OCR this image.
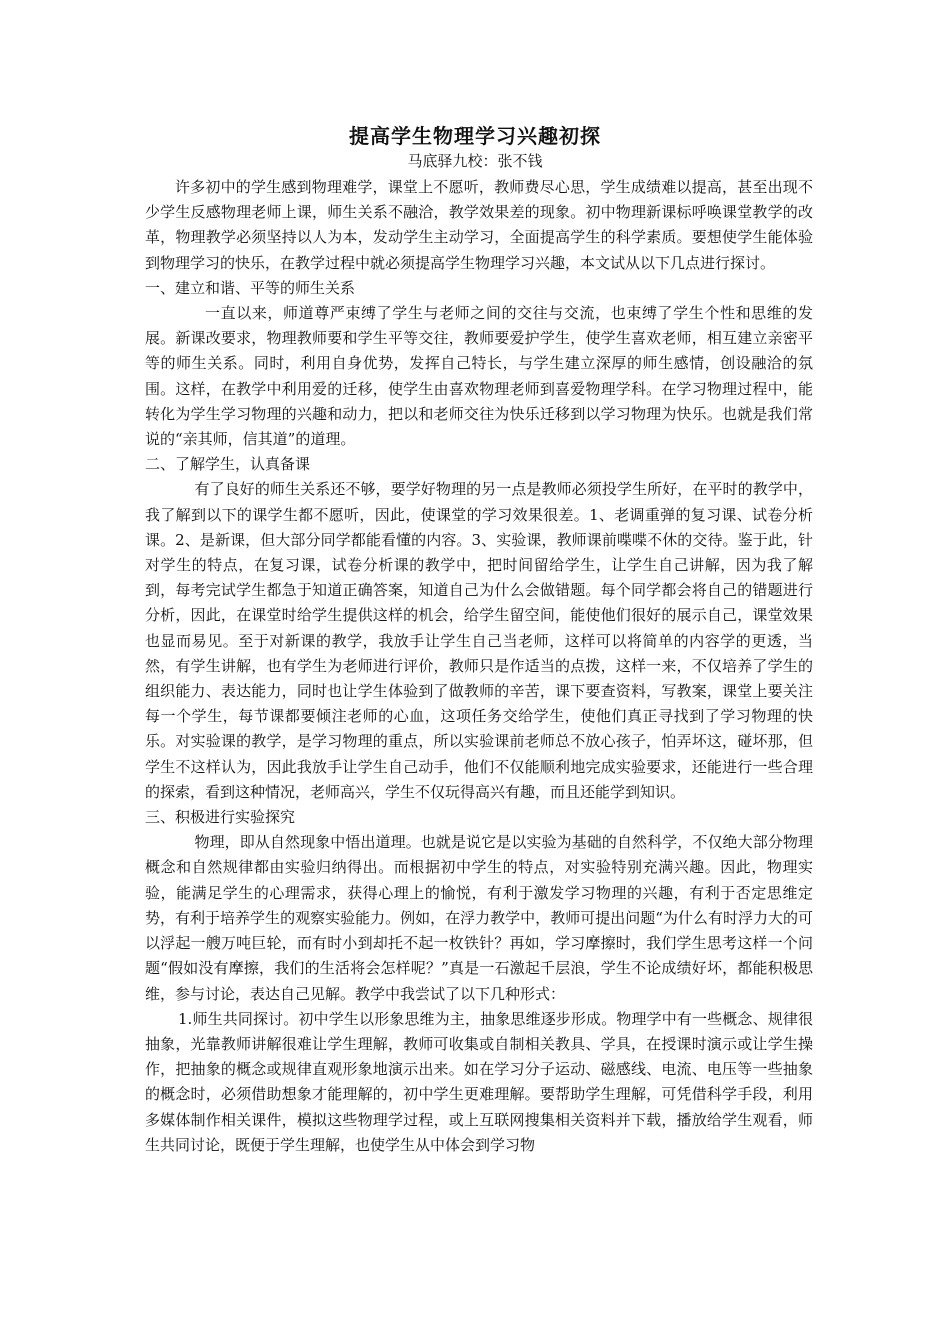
提高学生物理学习兴趣初探
马底驿九校：张不钱

许多初中的学生感到物理难学，课堂上不愿听，教师费尽心思，学生成绩难以提高，甚至出现不少学生反感物理老师上课，师生关系不融洽，教学效果差的现象。初中物理新课标呼唤课堂教学的改革，物理教学必须坚持以人为本，发动学生主动学习，全面提高学生的科学素质。要想使学生能体验到物理学习的快乐，在教学过程中就必须提高学生物理学习兴趣，本文试从以下几点进行探讨。

一、建立和谐、平等的师生关系

一直以来，师道尊严束缚了学生与老师之间的交往与交流，也束缚了学生个性和思维的发展。新课改要求，物理教师要和学生平等交往，教师要爱护学生，使学生喜欢老师，相互建立亲密平等的师生关系。同时，利用自身优势，发挥自己特长，与学生建立深厚的师生感情，创设融洽的氛围。这样，在教学中利用爱的迁移，使学生由喜欢物理老师到喜爱物理学科。在学习物理过程中，能转化为学生学习物理的兴趣和动力，把以和老师交往为快乐迁移到以学习物理为快乐。也就是我们常说的“亲其师，信其道”的道理。

二、了解学生，认真备课

有了良好的师生关系还不够，要学好物理的另一点是教师必须投学生所好，在平时的教学中，我了解到以下的课学生都不愿听，因此，使课堂的学习效果很差。1、老调重弹的复习课、试卷分析课。2、是新课，但大部分同学都能看懂的内容。3、实验课，教师课前喋喋不休的交待。鉴于此，针对学生的特点，在复习课，试卷分析课的教学中，把时间留给学生，让学生自己讲解，因为我了解到，每考完试学生都急于知道正确答案，知道自己为什么会做错题。每个同学都会将自己的错题进行分析，因此，在课堂时给学生提供这样的机会，给学生留空间，能使他们很好的展示自己，课堂效果也显而易见。至于对新课的教学，我放手让学生自己当老师，这样可以将简单的内容学的更透，当然，有学生讲解，也有学生为老师进行评价，教师只是作适当的点拨，这样一来，不仅培养了学生的组织能力、表达能力，同时也让学生体验到了做教师的辛苦，课下要查资料，写教案，课堂上要关注每一个学生，每节课都要倾注老师的心血，这项任务交给学生，使他们真正寻找到了学习物理的快乐。对实验课的教学，是学习物理的重点，所以实验课前老师总不放心孩子，怕弄坏这，碰坏那，但学生不这样认为，因此我放手让学生自己动手，他们不仅能顺利地完成实验要求，还能进行一些合理的探索，看到这种情况，老师高兴，学生不仅玩得高兴有趣，而且还能学到知识。

三、积极进行实验探究

物理，即从自然现象中悟出道理。也就是说它是以实验为基础的自然科学，不仅绝大部分物理概念和自然规律都由实验归纳得出。而根据初中学生的特点，对实验特别充满兴趣。因此，物理实验，能满足学生的心理需求，获得心理上的愉悦，有利于激发学习物理的兴趣，有利于否定思维定势，有利于培养学生的观察实验能力。例如，在浮力教学中，教师可提出问题“为什么有时浮力大的可以浮起一艘万吨巨轮，而有时小到却托不起一枚铁针？再如，学习摩擦时，我们学生思考这样一个问题“假如没有摩擦，我们的生活将会怎样呢？”真是一石激起千层浪，学生不论成绩好坏，都能积极思维，参与讨论，表达自己见解。教学中我尝试了以下几种形式：

1.师生共同探讨。初中学生以形象思维为主，抽象思维逐步形成。物理学中有一些概念、规律很抽象，光靠教师讲解很难让学生理解，教师可收集或自制相关教具、学具，在授课时演示或让学生操作，把抽象的概念或规律直观形象地演示出来。如在学习分子运动、磁感线、电流、电压等一些抽象的概念时，必须借助想象才能理解的，初中学生更难理解。要帮助学生理解，可凭借科学手段，利用多媒体制作相关课件，模拟这些物理学过程，或上互联网搜集相关资料并下载，播放给学生观看，师生共同讨论，既便于学生理解，也使学生从中体会到学习物
